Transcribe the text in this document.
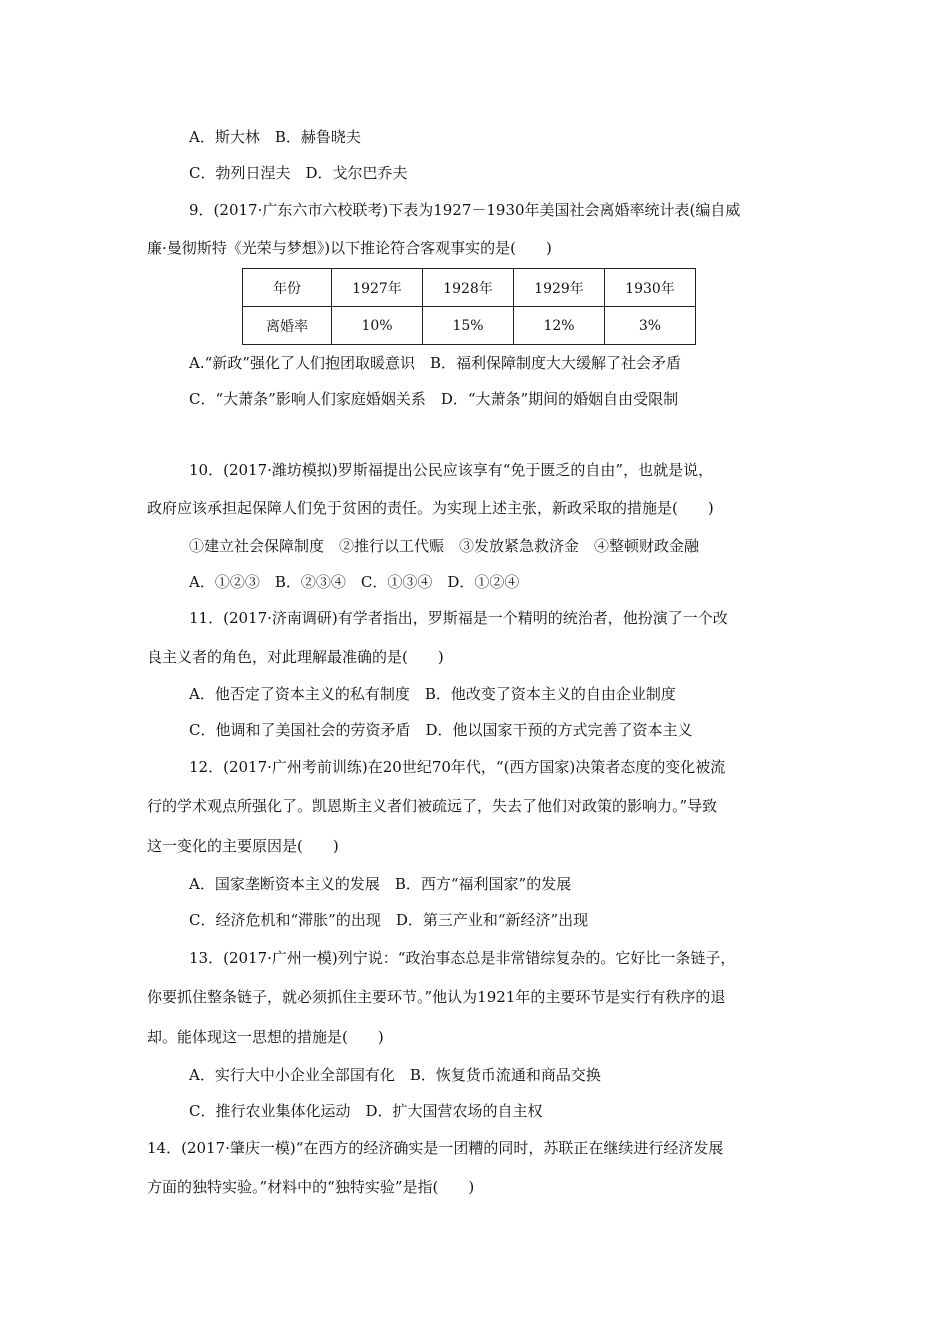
A．斯大林　B．赫鲁晓夫
C．勃列日涅夫　D．戈尔巴乔夫
9．(2017·广东六市六校联考)下表为1927－1930年美国社会离婚率统计表(编自威
廉·曼彻斯特《光荣与梦想》)以下推论符合客观事实的是(　　)
年份	1927年	1928年	1929年	1930年
离婚率	10%	15%	12%	3%
A.“新政”强化了人们抱团取暖意识　B．福利保障制度大大缓解了社会矛盾
C．“大萧条”影响人们家庭婚姻关系　D．“大萧条”期间的婚姻自由受限制
10．(2017·潍坊模拟)罗斯福提出公民应该享有“免于匮乏的自由”，也就是说，
政府应该承担起保障人们免于贫困的责任。为实现上述主张，新政采取的措施是(　　)
①建立社会保障制度　②推行以工代赈　③发放紧急救济金　④整顿财政金融
A．①②③　B．②③④　C．①③④　D．①②④
11．(2017·济南调研)有学者指出，罗斯福是一个精明的统治者，他扮演了一个改
良主义者的角色，对此理解最准确的是(　　)
A．他否定了资本主义的私有制度　B．他改变了资本主义的自由企业制度
C．他调和了美国社会的劳资矛盾　D．他以国家干预的方式完善了资本主义
12．(2017·广州考前训练)在20世纪70年代，“(西方国家)决策者态度的变化被流
行的学术观点所强化了。凯恩斯主义者们被疏远了，失去了他们对政策的影响力。”导致
这一变化的主要原因是(　　)
A．国家垄断资本主义的发展　B．西方“福利国家”的发展
C．经济危机和“滞胀”的出现　D．第三产业和“新经济”出现
13．(2017·广州一模)列宁说：“政治事态总是非常错综复杂的。它好比一条链子，
你要抓住整条链子，就必须抓住主要环节。”他认为1921年的主要环节是实行有秩序的退
却。能体现这一思想的措施是(　　)
A．实行大中小企业全部国有化　B．恢复货币流通和商品交换
C．推行农业集体化运动　D．扩大国营农场的自主权
14．(2017·肇庆一模)“在西方的经济确实是一团糟的同时，苏联正在继续进行经济发展
方面的独特实验。”材料中的“独特实验”是指(　　)
